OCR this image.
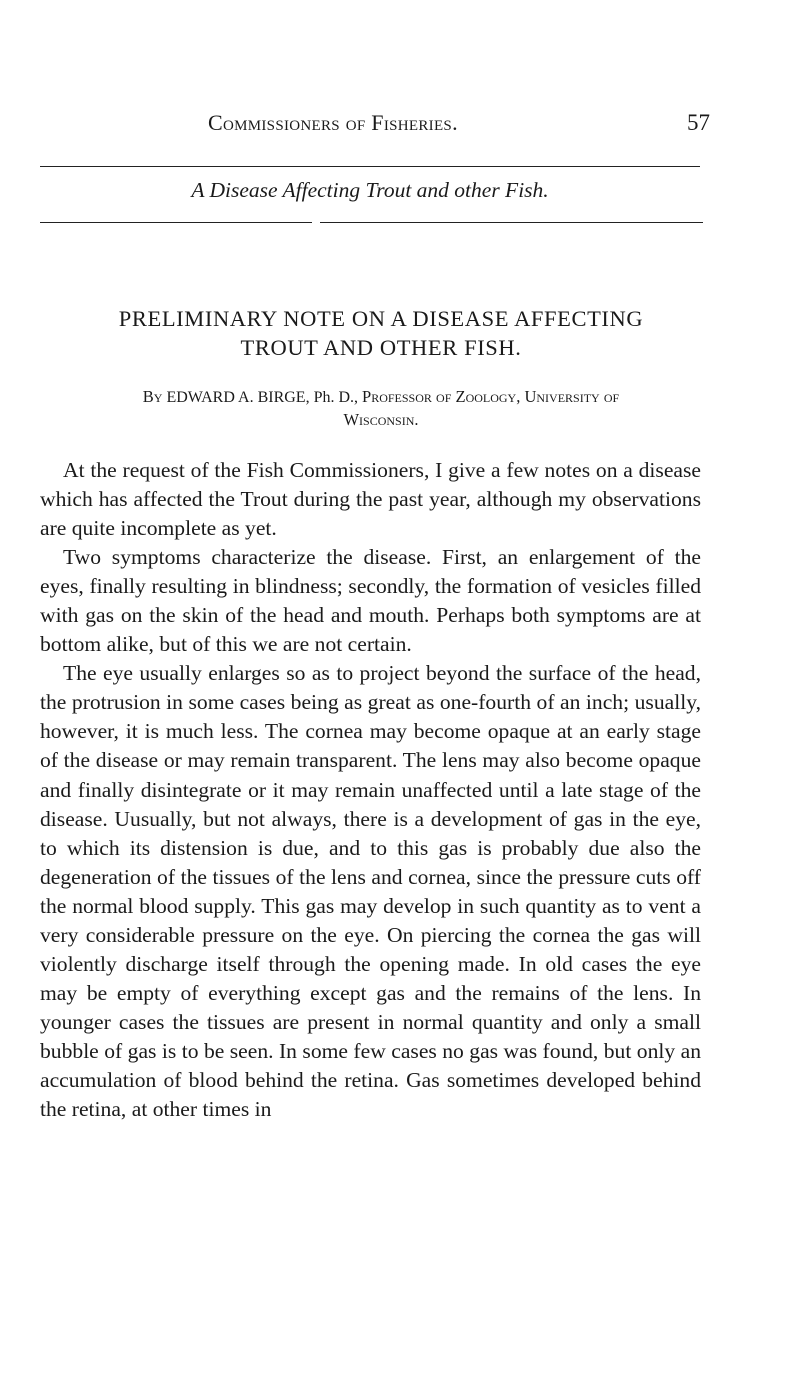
Commissioners of Fisheries.	57
A Disease Affecting Trout and other Fish.
PRELIMINARY NOTE ON A DISEASE AFFECTING
TROUT AND OTHER FISH.
By EDWARD A. BIRGE, Ph. D., Professor of Zoology, University of
Wisconsin.

At the request of the Fish Commissioners, I give a few notes on a disease which has affected the Trout during the past year, although my observations are quite incomplete as yet.

Two symptoms characterize the disease. First, an enlargement of the eyes, finally resulting in blindness; secondly, the formation of vesicles filled with gas on the skin of the head and mouth. Perhaps both symptoms are at bottom alike, but of this we are not certain.

The eye usually enlarges so as to project beyond the surface of the head, the protrusion in some cases being as great as one-fourth of an inch; usually, however, it is much less. The cornea may become opaque at an early stage of the disease or may remain transparent. The lens may also become opaque and finally disintegrate or it may remain unaffected until a late stage of the disease. Uusually, but not always, there is a development of gas in the eye, to which its distension is due, and to this gas is probably due also the degeneration of the tissues of the lens and cornea, since the pressure cuts off the normal blood supply. This gas may develop in such quantity as to vent a very considerable pressure on the eye. On piercing the cornea the gas will violently discharge itself through the opening made. In old cases the eye may be empty of everything except gas and the remains of the lens. In younger cases the tissues are present in normal quantity and only a small bubble of gas is to be seen. In some few cases no gas was found, but only an accumulation of blood behind the retina. Gas sometimes developed behind the retina, at other times in
